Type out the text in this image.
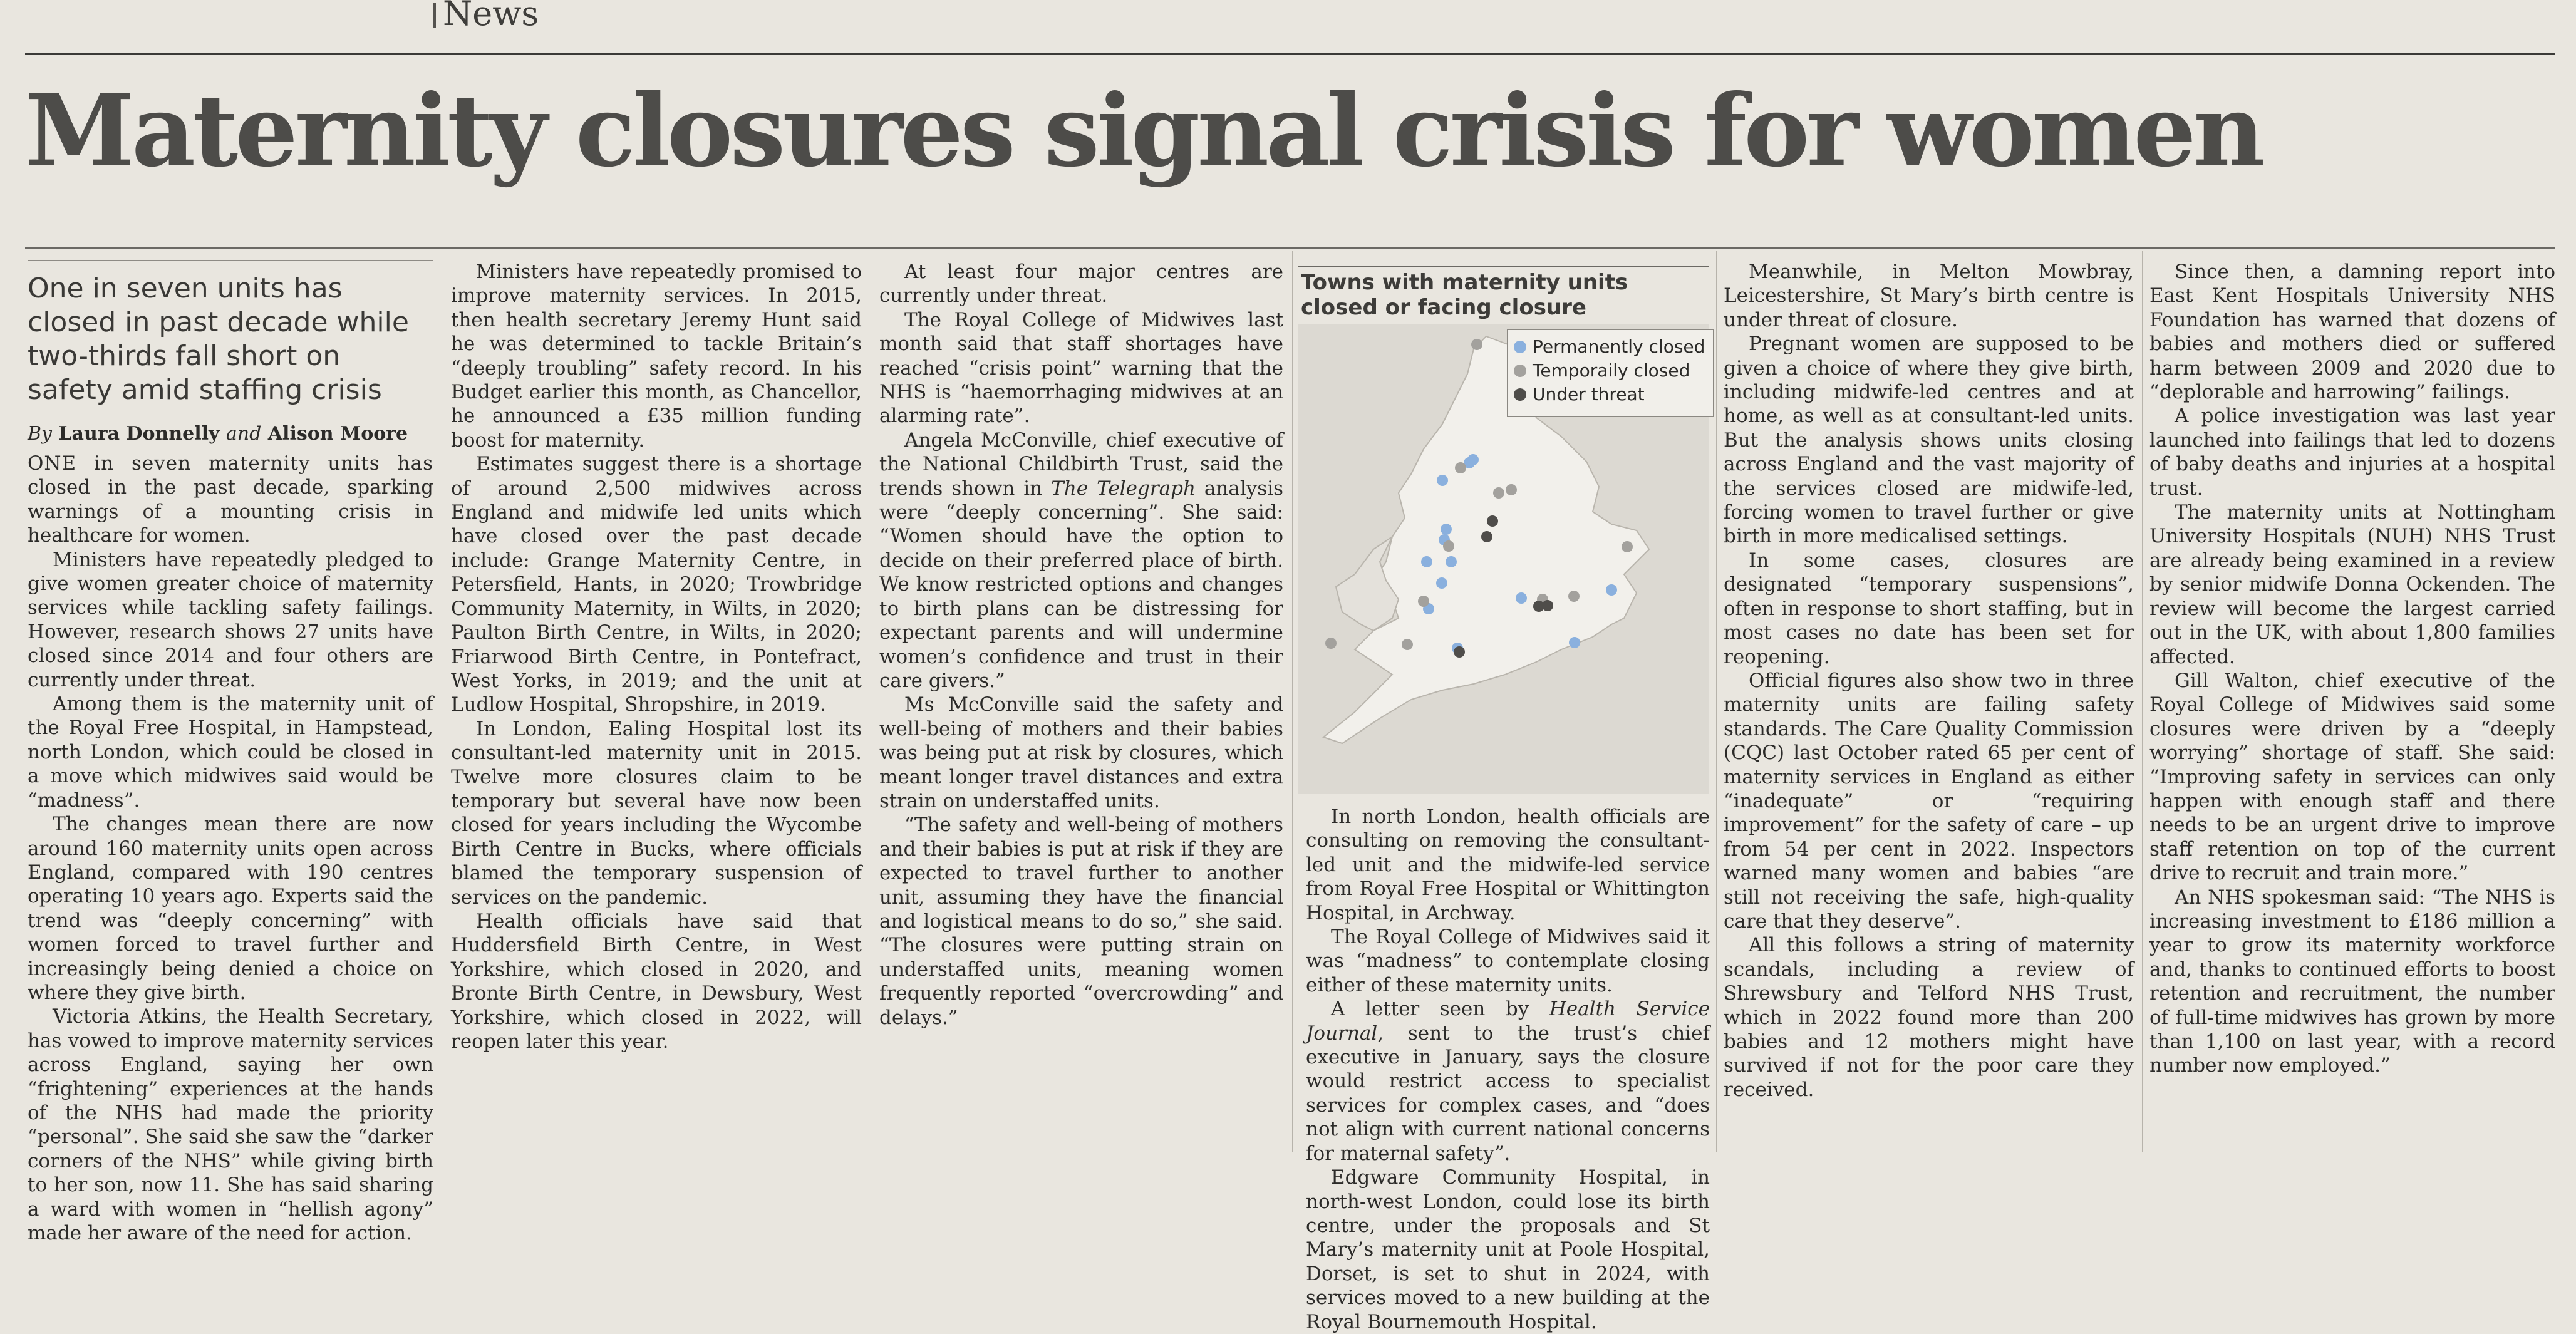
News
Maternity closures signal crisis for women
One in seven units has closed in past decade while two-thirds fall short on safety amid staffing crisis
By Laura Donnelly and Alison Moore

ONE in seven maternity units has closed in the past decade, sparking warnings of a mounting crisis in healthcare for women.

Ministers have repeatedly pledged to give women greater choice of maternity services while tackling safety failings. However, research shows 27 units have closed since 2014 and four others are currently under threat.

Among them is the maternity unit of the Royal Free Hospital, in Hampstead, north London, which could be closed in a move which midwives said would be “madness”.

The changes mean there are now around 160 maternity units open across England, compared with 190 centres operating 10 years ago. Experts said the trend was “deeply concerning” with women forced to travel further and increasingly being denied a choice on where they give birth.

Victoria Atkins, the Health Secretary, has vowed to improve maternity services across England, saying her own “frightening” experiences at the hands of the NHS had made the priority “personal”. She said she saw the “darker corners of the NHS” while giving birth to her son, now 11. She has said sharing a ward with women in “hellish agony” made her aware of the need for action.

Ministers have repeatedly promised to improve maternity services. In 2015, then health secretary Jeremy Hunt said he was determined to tackle Britain’s “deeply troubling” safety record. In his Budget earlier this month, as Chancellor, he announced a £35 million funding boost for maternity.

Estimates suggest there is a shortage of around 2,500 midwives across England and midwife led units which have closed over the past decade include: Grange Maternity Centre, in Petersfield, Hants, in 2020; Trowbridge Community Maternity, in Wilts, in 2020; Paulton Birth Centre, in Wilts, in 2020; Friarwood Birth Centre, in Pontefract, West Yorks, in 2019; and the unit at Ludlow Hospital, Shropshire, in 2019.

In London, Ealing Hospital lost its consultant-led maternity unit in 2015. Twelve more closures claim to be temporary but several have now been closed for years including the Wycombe Birth Centre in Bucks, where officials blamed the temporary suspension of services on the pandemic.

Health officials have said that Huddersfield Birth Centre, in West Yorkshire, which closed in 2020, and Bronte Birth Centre, in Dewsbury, West Yorkshire, which closed in 2022, will reopen later this year.

At least four major centres are currently under threat.

The Royal College of Midwives last month said that staff shortages have reached “crisis point” warning that the NHS is “haemorrhaging midwives at an alarming rate”.

Angela McConville, chief executive of the National Childbirth Trust, said the trends shown in The Telegraph analysis were “deeply concerning”. She said: “Women should have the option to decide on their preferred place of birth. We know restricted options and changes to birth plans can be distressing for expectant parents and will undermine women’s confidence and trust in their care givers.”

Ms McConville said the safety and well-being of mothers and their babies was being put at risk by closures, which meant longer travel distances and extra strain on understaffed units.

“The safety and well-being of mothers and their babies is put at risk if they are expected to travel further to another unit, assuming they have the financial and logistical means to do so,” she said. “The closures were putting strain on understaffed units, meaning women frequently reported “overcrowding” and delays.”

Towns with maternity units closed or facing closure
Permanently closed
Temporaily closed
Under threat

In north London, health officials are consulting on removing the consultant-led unit and the midwife-led service from Royal Free Hospital or Whittington Hospital, in Archway.

The Royal College of Midwives said it was “madness” to contemplate closing either of these maternity units.

A letter seen by Health Service Journal, sent to the trust’s chief executive in January, says the closure would restrict access to specialist services for complex cases, and “does not align with current national concerns for maternal safety”.

Edgware Community Hospital, in north-west London, could lose its birth centre, under the proposals and St Mary’s maternity unit at Poole Hospital, Dorset, is set to shut in 2024, with services moved to a new building at the Royal Bournemouth Hospital.

Meanwhile, in Melton Mowbray, Leicestershire, St Mary’s birth centre is under threat of closure.

Pregnant women are supposed to be given a choice of where they give birth, including midwife-led centres and at home, as well as at consultant-led units. But the analysis shows units closing across England and the vast majority of the services closed are midwife-led, forcing women to travel further or give birth in more medicalised settings.

In some cases, closures are designated “temporary suspensions”, often in response to short staffing, but in most cases no date has been set for reopening.

Official figures also show two in three maternity units are failing safety standards. The Care Quality Commission (CQC) last October rated 65 per cent of maternity services in England as either “inadequate” or “requiring improvement” for the safety of care – up from 54 per cent in 2022. Inspectors warned many women and babies “are still not receiving the safe, high-quality care that they deserve”.

All this follows a string of maternity scandals, including a review of Shrewsbury and Telford NHS Trust, which in 2022 found more than 200 babies and 12 mothers might have survived if not for the poor care they received.

Since then, a damning report into East Kent Hospitals University NHS Foundation has warned that dozens of babies and mothers died or suffered harm between 2009 and 2020 due to “deplorable and harrowing” failings.

A police investigation was last year launched into failings that led to dozens of baby deaths and injuries at a hospital trust.

The maternity units at Nottingham University Hospitals (NUH) NHS Trust are already being examined in a review by senior midwife Donna Ockenden. The review will become the largest carried out in the UK, with about 1,800 families affected.

Gill Walton, chief executive of the Royal College of Midwives said some closures were driven by a “deeply worrying” shortage of staff. She said: “Improving safety in services can only happen with enough staff and there needs to be an urgent drive to improve staff retention on top of the current drive to recruit and train more.”

An NHS spokesman said: “The NHS is increasing investment to £186 million a year to grow its maternity workforce and, thanks to continued efforts to boost retention and recruitment, the number of full-time midwives has grown by more than 1,100 on last year, with a record number now employed.”
